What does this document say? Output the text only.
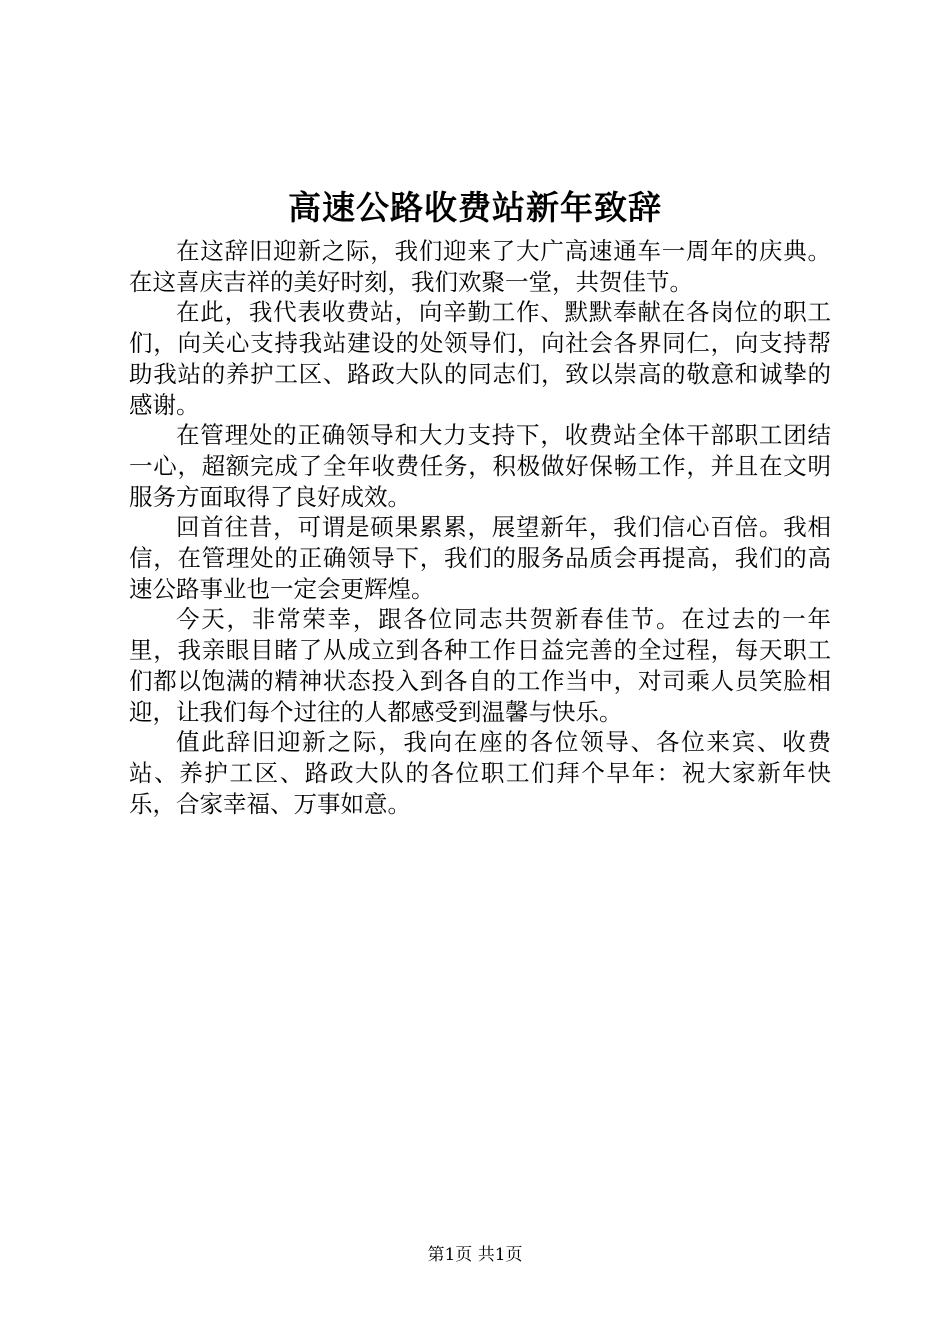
高速公路收费站新年致辞

在这辞旧迎新之际，我们迎来了大广高速通车一周年的庆典。在这喜庆吉祥的美好时刻，我们欢聚一堂，共贺佳节。

在此，我代表收费站，向辛勤工作、默默奉献在各岗位的职工们，向关心支持我站建设的处领导们，向社会各界同仁，向支持帮助我站的养护工区、路政大队的同志们，致以崇高的敬意和诚挚的感谢。

在管理处的正确领导和大力支持下，收费站全体干部职工团结一心，超额完成了全年收费任务，积极做好保畅工作，并且在文明服务方面取得了良好成效。

回首往昔，可谓是硕果累累，展望新年，我们信心百倍。我相信，在管理处的正确领导下，我们的服务品质会再提高，我们的高速公路事业也一定会更辉煌。

今天，非常荣幸，跟各位同志共贺新春佳节。在过去的一年里，我亲眼目睹了从成立到各种工作日益完善的全过程，每天职工们都以饱满的精神状态投入到各自的工作当中，对司乘人员笑脸相迎，让我们每个过往的人都感受到温馨与快乐。

值此辞旧迎新之际，我向在座的各位领导、各位来宾、收费站、养护工区、路政大队的各位职工们拜个早年：祝大家新年快乐，合家幸福、万事如意。

第1页 共1页
